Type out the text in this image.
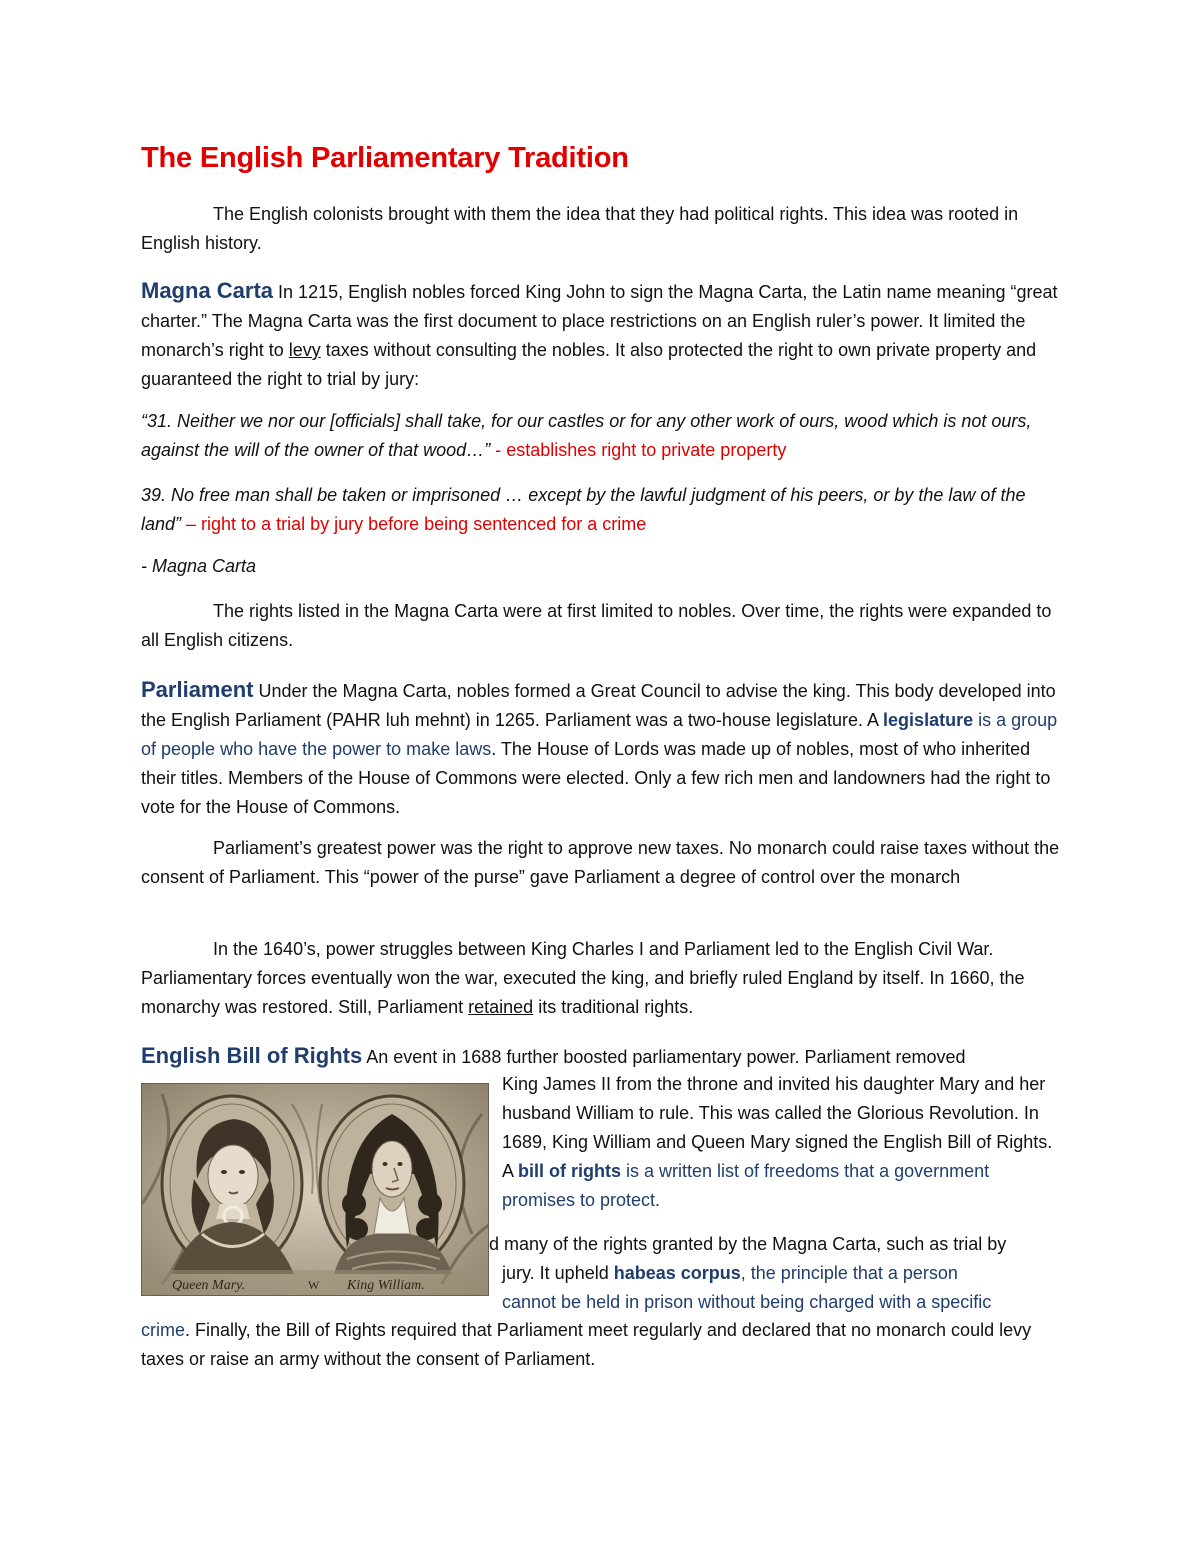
The English Parliamentary Tradition

The English colonists brought with them the idea that they had political rights. This idea was rooted in English history.

Magna Carta In 1215, English nobles forced King John to sign the Magna Carta, the Latin name meaning “great charter.” The Magna Carta was the first document to place restrictions on an English ruler’s power. It limited the monarch’s right to levy taxes without consulting the nobles. It also protected the right to own private property and guaranteed the right to trial by jury:

“31. Neither we nor our [officials] shall take, for our castles or for any other work of ours, wood which is not ours, against the will of the owner of that wood…” - establishes right to private property

39. No free man shall be taken or imprisoned … except by the lawful judgment of his peers, or by the law of the land” – right to a trial by jury before being sentenced for a crime

- Magna Carta

The rights listed in the Magna Carta were at first limited to nobles. Over time, the rights were expanded to all English citizens.

Parliament Under the Magna Carta, nobles formed a Great Council to advise the king. This body developed into the English Parliament (PAHR luh mehnt) in 1265. Parliament was a two-house legislature. A legislature is a group of people who have the power to make laws. The House of Lords was made up of nobles, most of who inherited their titles. Members of the House of Commons were elected. Only a few rich men and landowners had the right to vote for the House of Commons.

Parliament’s greatest power was the right to approve new taxes. No monarch could raise taxes without the consent of Parliament. This “power of the purse” gave Parliament a degree of control over the monarch

In the 1640’s, power struggles between King Charles I and Parliament led to the English Civil War. Parliamentary forces eventually won the war, executed the king, and briefly ruled England by itself. In 1660, the monarchy was restored. Still, Parliament retained its traditional rights.

English Bill of Rights An event in 1688 further boosted parliamentary power. Parliament removed

Queen Mary.	W King William.

King James II from the throne and invited his daughter Mary and her husband William to rule. This was called the Glorious Revolution. In 1689, King William and Queen Mary signed the English Bill of Rights. A bill of rights is a written list of freedoms that a government promises to protect.

d many of the rights granted by the Magna Carta, such as trial by

jury. It upheld habeas corpus, the principle that a person

cannot be held in prison without being charged with a specific

crime. Finally, the Bill of Rights required that Parliament meet regularly and declared that no monarch could levy taxes or raise an army without the consent of Parliament.
